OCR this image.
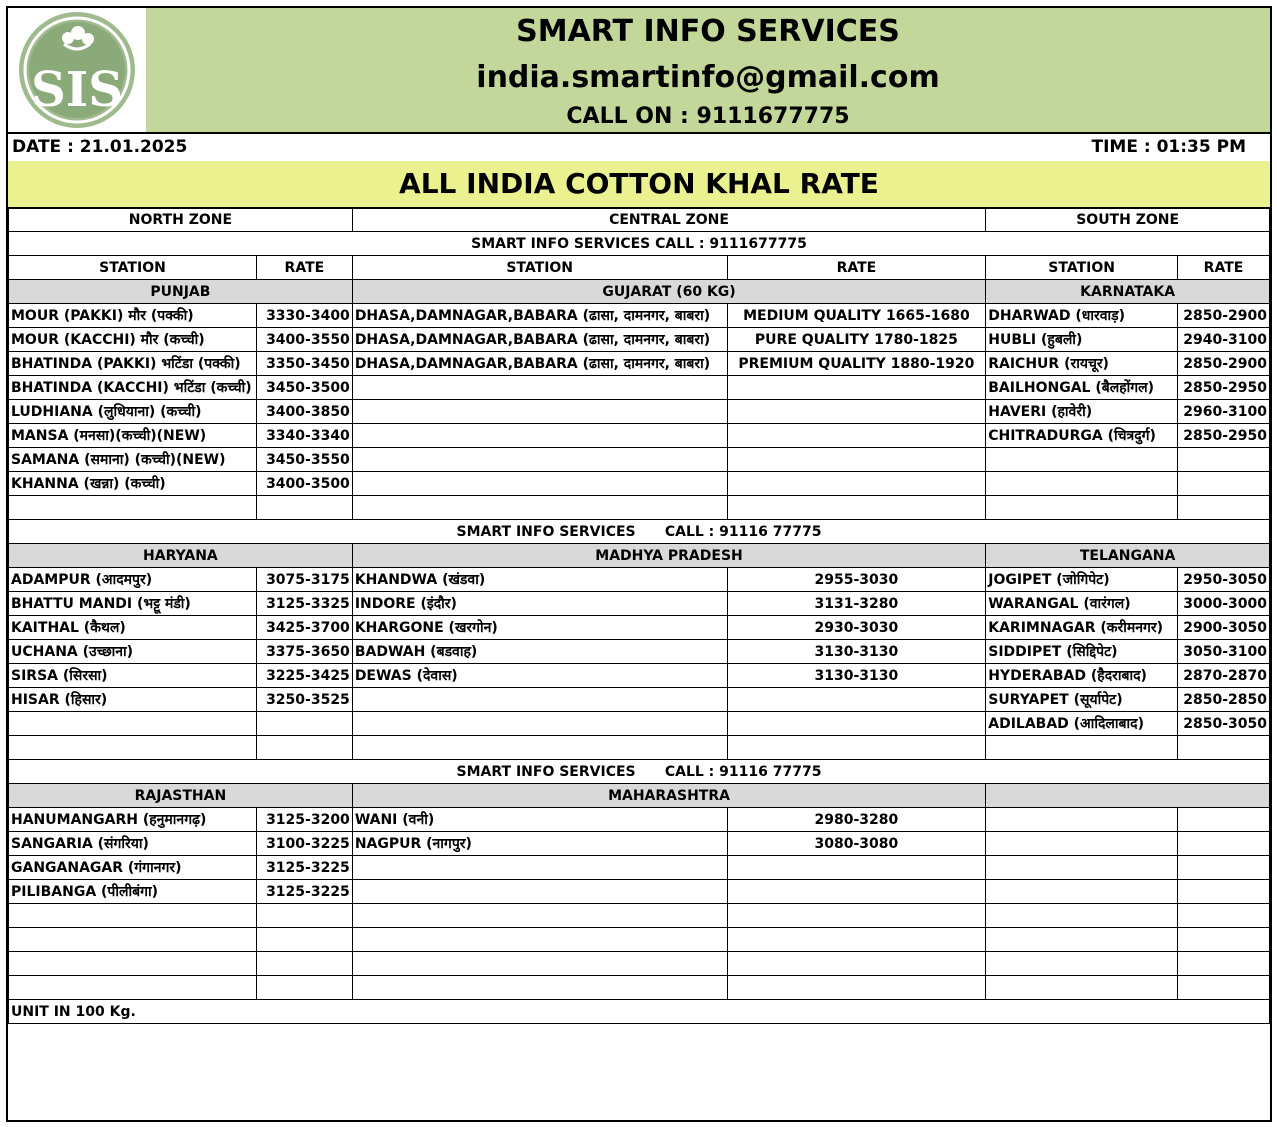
SIS
SMART INFO SERVICES
india.smartinfo@gmail.com
CALL ON : 9111677775
DATE : 21.01.2025	TIME : 01:35 PM
ALL INDIA COTTON KHAL RATE
NORTH ZONE		CENTRAL ZONE		SOUTH ZONE	
SMART INFO SERVICES CALL : 9111677775					
STATION	RATE	STATION	RATE	STATION	RATE
PUNJAB		GUJARAT (60 KG)		KARNATAKA	
MOUR (PAKKI) मौर (पक्की)	3330-3400	DHASA,DAMNAGAR,BABARA (ढासा, दामनगर, बाबरा)	MEDIUM QUALITY 1665-1680	DHARWAD (धारवाड़)	2850-2900
MOUR (KACCHI) मौर (कच्ची)	3400-3550	DHASA,DAMNAGAR,BABARA (ढासा, दामनगर, बाबरा)	PURE QUALITY 1780-1825	HUBLI (हुबली)	2940-3100
BHATINDA (PAKKI) भटिंडा (पक्की)	3350-3450	DHASA,DAMNAGAR,BABARA (ढासा, दामनगर, बाबरा)	PREMIUM QUALITY 1880-1920	RAICHUR (रायचूर)	2850-2900
BHATINDA (KACCHI) भटिंडा (कच्ची)	3450-3500			BAILHONGAL (बैलहोंगल)	2850-2950
LUDHIANA (लुधियाना) (कच्ची)	3400-3850			HAVERI (हावेरी)	2960-3100
MANSA (मनसा)(कच्ची)(NEW)	3340-3340			CHITRADURGA (चित्रदुर्ग)	2850-2950
SAMANA (समाना) (कच्ची)(NEW)	3450-3550				
KHANNA (खन्ना) (कच्ची)	3400-3500				

SMART INFO SERVICES      CALL : 91116 77775					
HARYANA		MADHYA PRADESH		TELANGANA	
ADAMPUR (आदमपुर)	3075-3175	KHANDWA (खंडवा)	2955-3030	JOGIPET (जोगिपेट)	2950-3050
BHATTU MANDI (भट्टू मंडी)	3125-3325	INDORE (इंदौर)	3131-3280	WARANGAL (वारंगल)	3000-3000
KAITHAL (कैथल)	3425-3700	KHARGONE (खरगोन)	2930-3030	KARIMNAGAR (करीमनगर)	2900-3050
UCHANA (उच्छाना)	3375-3650	BADWAH (बडवाह)	3130-3130	SIDDIPET (सिद्दिपेट)	3050-3100
SIRSA (सिरसा)	3225-3425	DEWAS (देवास)	3130-3130	HYDERABAD (हैदराबाद)	2870-2870
HISAR (हिसार)	3250-3525			SURYAPET (सूर्यापेट)	2850-2850
				ADILABAD (आदिलाबाद)	2850-3050

SMART INFO SERVICES      CALL : 91116 77775					
RAJASTHAN		MAHARASHTRA			
HANUMANGARH (हनुमानगढ़)	3125-3200	WANI (वनी)	2980-3280		
SANGARIA (संगरिया)	3100-3225	NAGPUR (नागपुर)	3080-3080		
GANGANAGAR (गंगानगर)	3125-3225				
PILIBANGA (पीलीबंगा)	3125-3225				

UNIT IN 100 Kg.					
